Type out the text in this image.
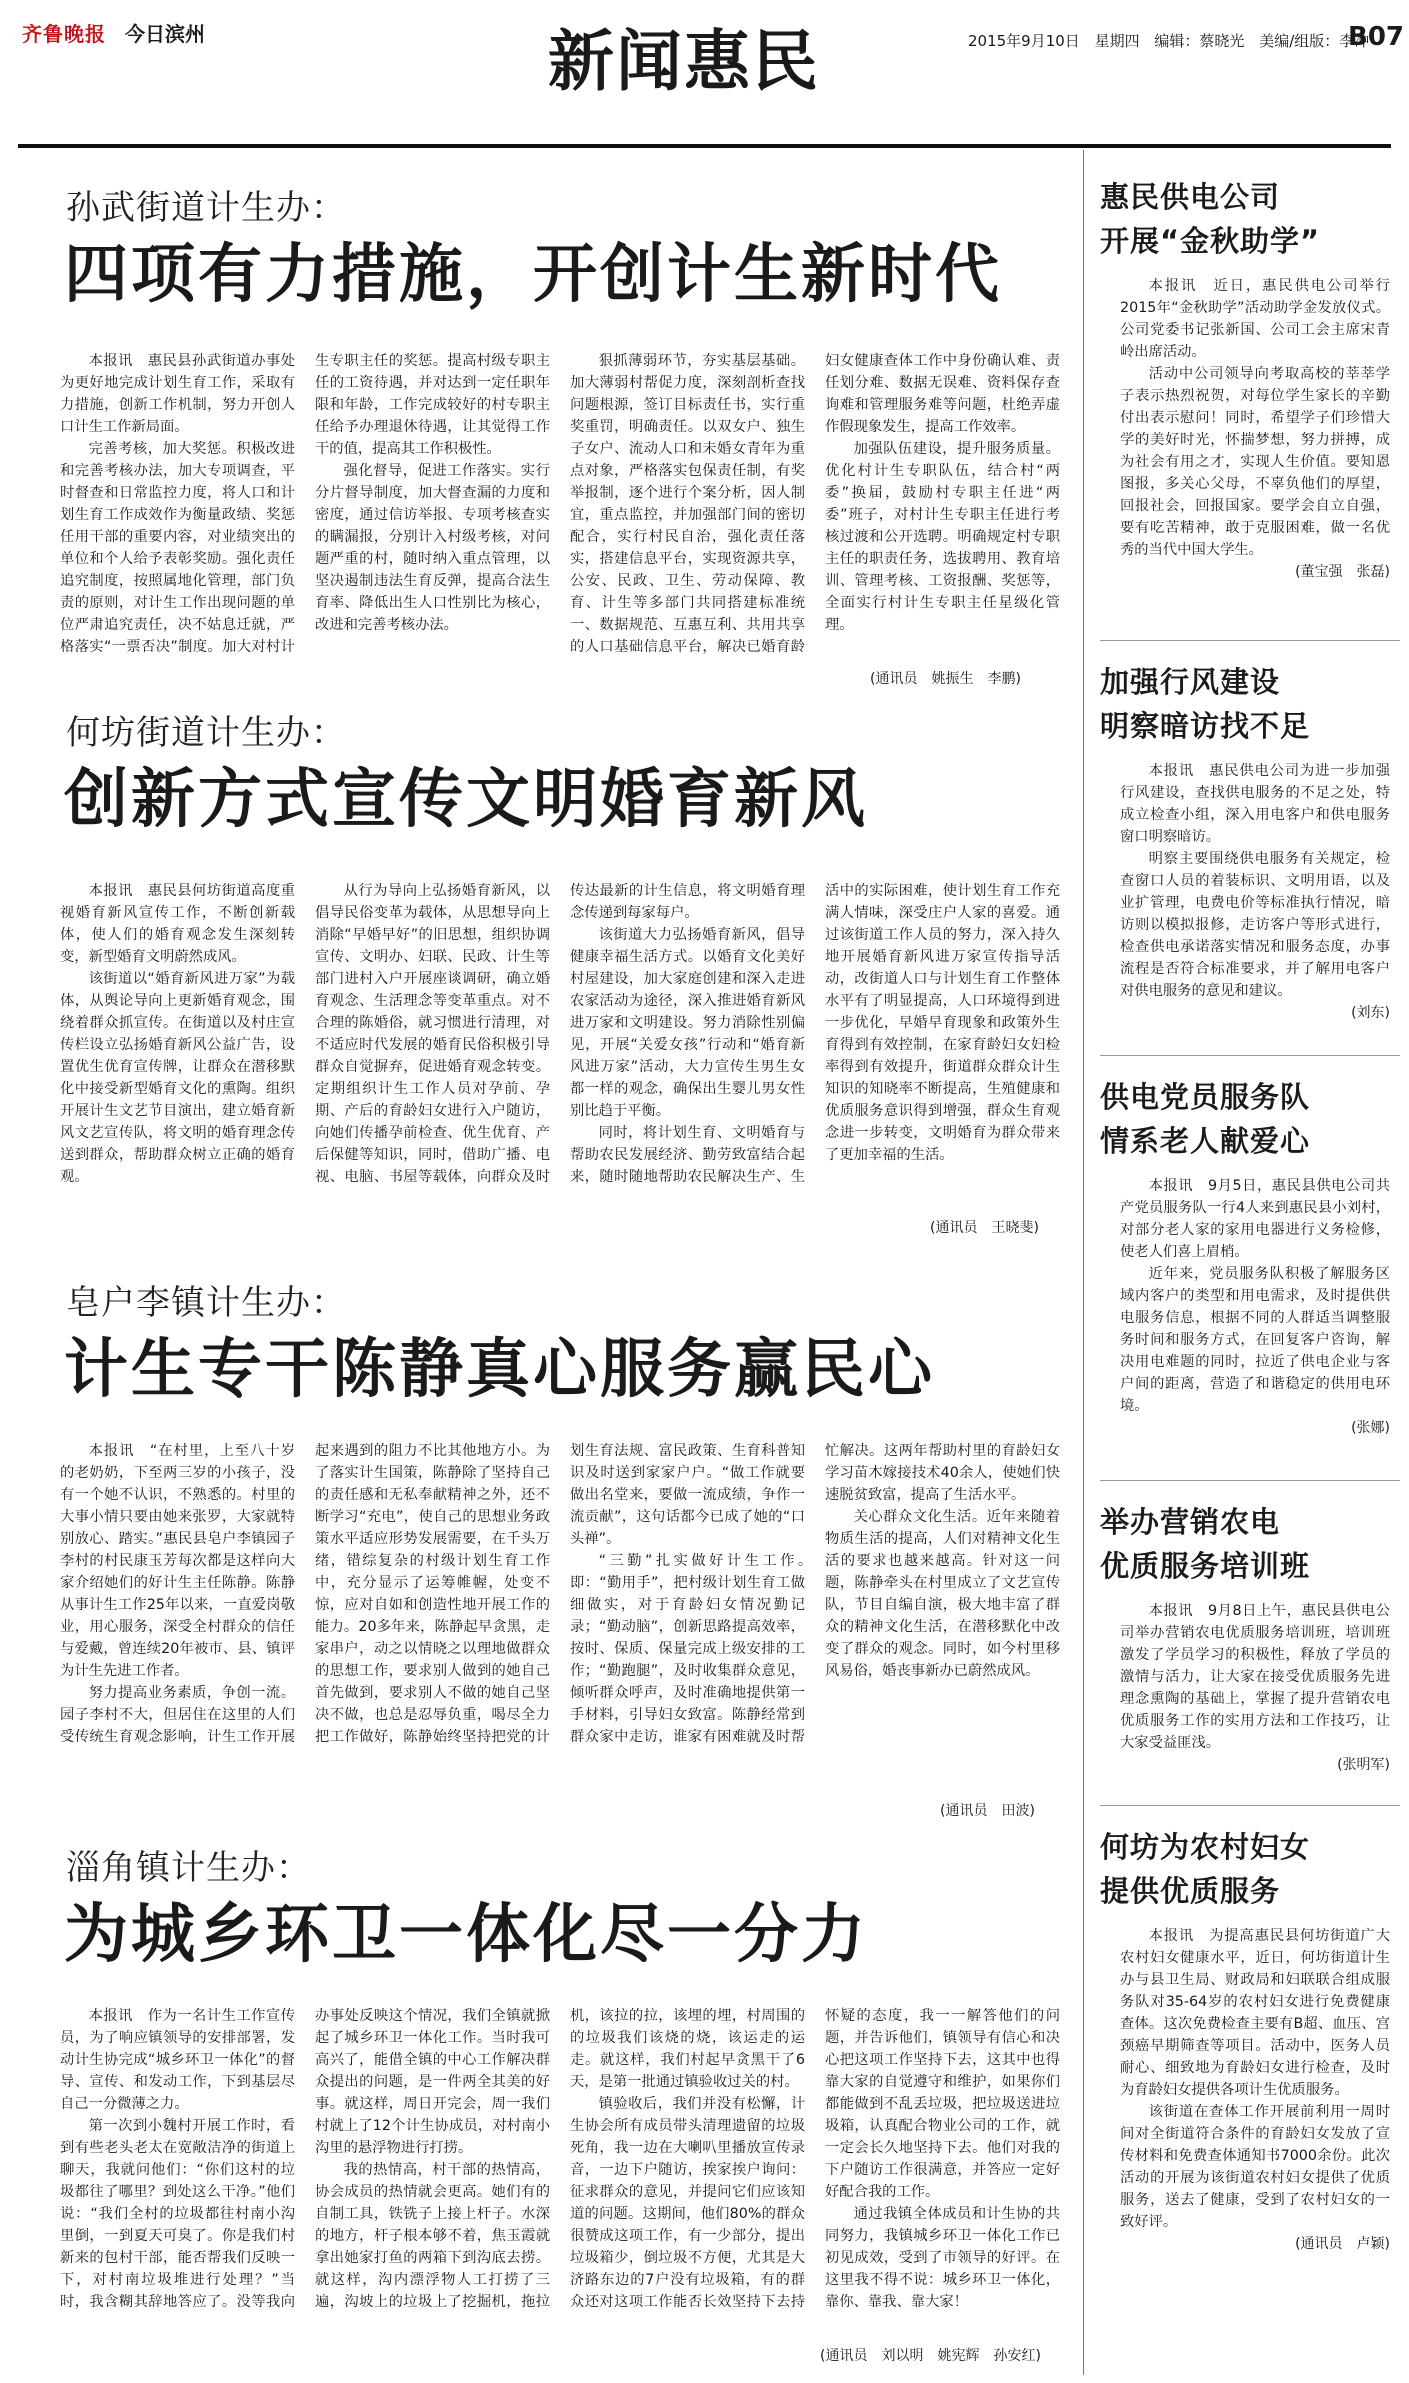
齐鲁晚报 今日滨州	新闻惠民	2015年9月10日 星期四 编辑：蔡晓光 美编/组版：李冲
B07
孙武街道计生办：
四项有力措施，开创计生新时代

本报讯　惠民县孙武街道办事处为更好地完成计划生育工作，采取有力措施，创新工作机制，努力开创人口计生工作新局面。

完善考核，加大奖惩。积极改进和完善考核办法，加大专项调查，平时督查和日常监控力度，将人口和计划生育工作成效作为衡量政绩、奖惩任用干部的重要内容，对业绩突出的单位和个人给予表彰奖励。强化责任追究制度，按照属地化管理，部门负责的原则，对计生工作出现问题的单位严肃追究责任，决不姑息迁就，严格落实“一票否决”制度。加大对村计生专职主任的奖惩。提高村级专职主任的工资待遇，并对达到一定任职年限和年龄，工作完成较好的村专职主任给予办理退休待遇，让其觉得工作干的值，提高其工作积极性。

强化督导，促进工作落实。实行分片督导制度，加大督查漏的力度和密度，通过信访举报、专项考核查实的瞒漏报，分别计入村级考核，对问题严重的村，随时纳入重点管理，以坚决遏制违法生育反弹，提高合法生育率、降低出生人口性别比为核心，改进和完善考核办法。

狠抓薄弱环节，夯实基层基础。加大薄弱村帮促力度，深刻剖析查找问题根源，签订目标责任书，实行重奖重罚，明确责任。以双女户、独生子女户、流动人口和未婚女青年为重点对象，严格落实包保责任制，有奖举报制，逐个进行个案分析，因人制宜，重点监控，并加强部门间的密切配合，实行村民自治，强化责任落实，搭建信息平台，实现资源共享，公安、民政、卫生、劳动保障、教育、计生等多部门共同搭建标准统一、数据规范、互惠互利、共用共享的人口基础信息平台，解决已婚育龄妇女健康查体工作中身份确认难、责任划分难、数据无误难、资料保存查询难和管理服务难等问题，杜绝弄虚作假现象发生，提高工作效率。

加强队伍建设，提升服务质量。优化村计生专职队伍，结合村“两委”换届，鼓励村专职主任进“两委”班子，对村计生专职主任进行考核过渡和公开选聘。明确规定村专职主任的职责任务，选拔聘用、教育培训、管理考核、工资报酬、奖惩等，全面实行村计生专职主任星级化管理。

(通讯员　姚振生　李鹏)
何坊街道计生办：
创新方式宣传文明婚育新风

本报讯　惠民县何坊街道高度重视婚育新风宣传工作，不断创新载体，使人们的婚育观念发生深刻转变，新型婚育文明蔚然成风。

该街道以“婚育新风进万家”为载体，从舆论导向上更新婚育观念，围绕着群众抓宣传。在街道以及村庄宣传栏设立弘扬婚育新风公益广告，设置优生优育宣传牌，让群众在潜移默化中接受新型婚育文化的熏陶。组织开展计生文艺节目演出，建立婚育新风文艺宣传队，将文明的婚育理念传送到群众，帮助群众树立正确的婚育观。

从行为导向上弘扬婚育新风，以倡导民俗变革为载体，从思想导向上消除“早婚早好”的旧思想，组织协调宣传、文明办、妇联、民政、计生等部门进村入户开展座谈调研，确立婚育观念、生活理念等变革重点。对不合理的陈婚俗，就习惯进行清理，对不适应时代发展的婚育民俗积极引导群众自觉摒弃，促进婚育观念转变。定期组织计生工作人员对孕前、孕期、产后的育龄妇女进行入户随访，向她们传播孕前检查、优生优育、产后保健等知识，同时，借助广播、电视、电脑、书屋等载体，向群众及时传达最新的计生信息，将文明婚育理念传递到每家每户。

该街道大力弘扬婚育新风，倡导健康幸福生活方式。以婚育文化美好村屋建设，加大家庭创建和深入走进农家活动为途径，深入推进婚育新风进万家和文明建设。努力消除性别偏见，开展“关爱女孩”行动和“婚育新风进万家”活动，大力宣传生男生女都一样的观念，确保出生婴儿男女性别比趋于平衡。

同时，将计划生育、文明婚育与帮助农民发展经济、勤劳致富结合起来，随时随地帮助农民解决生产、生活中的实际困难，使计划生育工作充满人情味，深受庄户人家的喜爱。通过该街道工作人员的努力，深入持久地开展婚育新风进万家宣传指导活动，改街道人口与计划生育工作整体水平有了明显提高，人口环境得到进一步优化，早婚早育现象和政策外生育得到有效控制，在家育龄妇女妇检率得到有效提升，街道群众群众计生知识的知晓率不断提高，生殖健康和优质服务意识得到增强，群众生育观念进一步转变，文明婚育为群众带来了更加幸福的生活。

(通讯员　王晓斐)
皂户李镇计生办：
计生专干陈静真心服务赢民心

本报讯　“在村里，上至八十岁的老奶奶，下至两三岁的小孩子，没有一个她不认识，不熟悉的。村里的大事小情只要由她来张罗，大家就特别放心、踏实。”惠民县皂户李镇园子李村的村民康玉芳每次都是这样向大家介绍她们的好计生主任陈静。陈静从事计生工作25年以来，一直爱岗敬业，用心服务，深受全村群众的信任与爱戴，曾连续20年被市、县、镇评为计生先进工作者。

努力提高业务素质，争创一流。园子李村不大，但居住在这里的人们受传统生育观念影响，计生工作开展起来遇到的阻力不比其他地方小。为了落实计生国策，陈静除了坚持自己的责任感和无私奉献精神之外，还不断学习“充电”，使自己的思想业务政策水平适应形势发展需要，在千头万绪，错综复杂的村级计划生育工作中，充分显示了运筹帷幄，处变不惊，应对自如和创造性地开展工作的能力。20多年来，陈静起早贪黑，走家串户，动之以情晓之以理地做群众的思想工作，要求别人做到的她自己首先做到，要求别人不做的她自己坚决不做，也总是忍辱负重，喝尽全力把工作做好，陈静始终坚持把党的计划生育法规、富民政策、生育科普知识及时送到家家户户。“做工作就要做出名堂来，要做一流成绩，争作一流贡献”，这句话都今已成了她的“口头禅”。

“三勤”扎实做好计生工作。　即：“勤用手”，把村级计划生育工做细做实，对于育龄妇女情况勤记录；“勤动脑”，创新思路提高效率，按时、保质、保量完成上级安排的工作；“勤跑腿”，及时收集群众意见，倾听群众呼声，及时准确地提供第一手材料，引导妇女致富。陈静经常到群众家中走访，谁家有困难就及时帮忙解决。这两年帮助村里的育龄妇女学习苗木嫁接技术40余人，使她们快速脱贫致富，提高了生活水平。

关心群众文化生活。近年来随着物质生活的提高，人们对精神文化生活的要求也越来越高。针对这一问题，陈静牵头在村里成立了文艺宣传队，节目自编自演，极大地丰富了群众的精神文化生活，在潜移默化中改变了群众的观念。同时，如今村里移风易俗，婚丧事新办已蔚然成风。

(通讯员　田波)
淄角镇计生办：
为城乡环卫一体化尽一分力

本报讯　作为一名计生工作宣传员，为了响应镇领导的安排部署，发动计生协完成“城乡环卫一体化”的督导、宣传、和发动工作，下到基层尽自己一分微薄之力。

第一次到小魏村开展工作时，看到有些老头老太在宽敞洁净的街道上聊天，我就问他们：“你们这村的垃圾都往了哪里？到处这么干净。”他们说：“我们全村的垃圾都往村南小沟里倒，一到夏天可臭了。你是我们村新来的包村干部，能否帮我们反映一下，对村南垃圾堆进行处理？”当时，我含糊其辞地答应了。没等我向办事处反映这个情况，我们全镇就掀起了城乡环卫一体化工作。当时我可高兴了，能借全镇的中心工作解决群众提出的问题，是一件两全其美的好事。就这样，周日开完会，周一我们村就上了12个计生协成员，对村南小沟里的悬浮物进行打捞。

我的热情高，村干部的热情高，协会成员的热情就会更高。她们有的自制工具，铁铣子上接上杆子。水深的地方，杆子根本够不着，焦玉霞就拿出她家打鱼的两箱下到沟底去捞。就这样，沟内漂浮物人工打捞了三遍，沟坡上的垃圾上了挖掘机，拖拉机，该拉的拉，该埋的埋，村周围的的垃圾我们该烧的烧，该运走的运走。就这样，我们村起早贪黑干了6天，是第一批通过镇验收过关的村。

镇验收后，我们并没有松懈，计生协会所有成员带头清理遗留的垃圾死角，我一边在大喇叭里播放宣传录音，一边下户随访，挨家挨户询问：征求群众的意见，并提问它们应该知道的问题。这期间，他们80%的群众很赞成这项工作，有一少部分，提出垃圾箱少，倒垃圾不方便，尤其是大济路东边的7户没有垃圾箱，有的群众还对这项工作能否长效坚持下去持怀疑的态度，我一一解答他们的问题，并告诉他们，镇领导有信心和决心把这项工作坚持下去，这其中也得靠大家的自觉遵守和维护，如果你们都能做到不乱丢垃圾，把垃圾送进垃圾箱，认真配合物业公司的工作，就一定会长久地坚持下去。他们对我的下户随访工作很满意，并答应一定好好配合我的工作。

通过我镇全体成员和计生协的共同努力，我镇城乡环卫一体化工作已初见成效，受到了市领导的好评。在这里我不得不说：城乡环卫一体化，靠你、靠我、靠大家！

(通讯员　刘以明　姚宪辉　孙安红)
惠民供电公司
开展“金秋助学”

本报讯　近日，惠民供电公司举行2015年“金秋助学”活动助学金发放仪式。公司党委书记张新国、公司工会主席宋青岭出席活动。

活动中公司领导向考取高校的莘莘学子表示热烈祝贺，对每位学生家长的辛勤付出表示慰问！同时，希望学子们珍惜大学的美好时光，怀揣梦想，努力拼搏，成为社会有用之才，实现人生价值。要知恩图报，多关心父母，不辜负他们的厚望，回报社会，回报国家。要学会自立自强，要有吃苦精神，敢于克服困难，做一名优秀的当代中国大学生。

(董宝强　张磊)
加强行风建设
明察暗访找不足

本报讯　惠民供电公司为进一步加强行风建设，查找供电服务的不足之处，特成立检查小组，深入用电客户和供电服务窗口明察暗访。

明察主要围绕供电服务有关规定，检查窗口人员的着装标识、文明用语，以及业扩管理，电费电价等标准执行情况，暗访则以模拟报修，走访客户等形式进行，检查供电承诺落实情况和服务态度，办事流程是否符合标准要求，并了解用电客户对供电服务的意见和建议。

(刘东)
供电党员服务队
情系老人献爱心

本报讯　9月5日，惠民县供电公司共产党员服务队一行4人来到惠民县小刘村，对部分老人家的家用电器进行义务检修，使老人们喜上眉梢。

近年来，党员服务队积极了解服务区域内客户的类型和用电需求，及时提供供电服务信息，根据不同的人群适当调整服务时间和服务方式，在回复客户咨询，解决用电难题的同时，拉近了供电企业与客户间的距离，营造了和谐稳定的供用电环境。

(张娜)
举办营销农电
优质服务培训班

本报讯　9月8日上午，惠民县供电公司举办营销农电优质服务培训班，培训班激发了学员学习的积极性，释放了学员的激情与活力，让大家在接受优质服务先进理念熏陶的基础上，掌握了提升营销农电优质服务工作的实用方法和工作技巧，让大家受益匪浅。

(张明军)
何坊为农村妇女
提供优质服务

本报讯　为提高惠民县何坊街道广大农村妇女健康水平，近日，何坊街道计生办与县卫生局、财政局和妇联联合组成服务队对35-64岁的农村妇女进行免费健康查体。这次免费检查主要有B超、血压、宫颈癌早期筛查等项目。活动中，医务人员耐心、细致地为育龄妇女进行检查，及时为育龄妇女提供各项计生优质服务。

该街道在查体工作开展前利用一周时间对全街道符合条件的育龄妇女发放了宣传材料和免费查体通知书7000余份。此次活动的开展为该街道农村妇女提供了优质服务，送去了健康，受到了农村妇女的一致好评。

(通讯员　卢颖)
